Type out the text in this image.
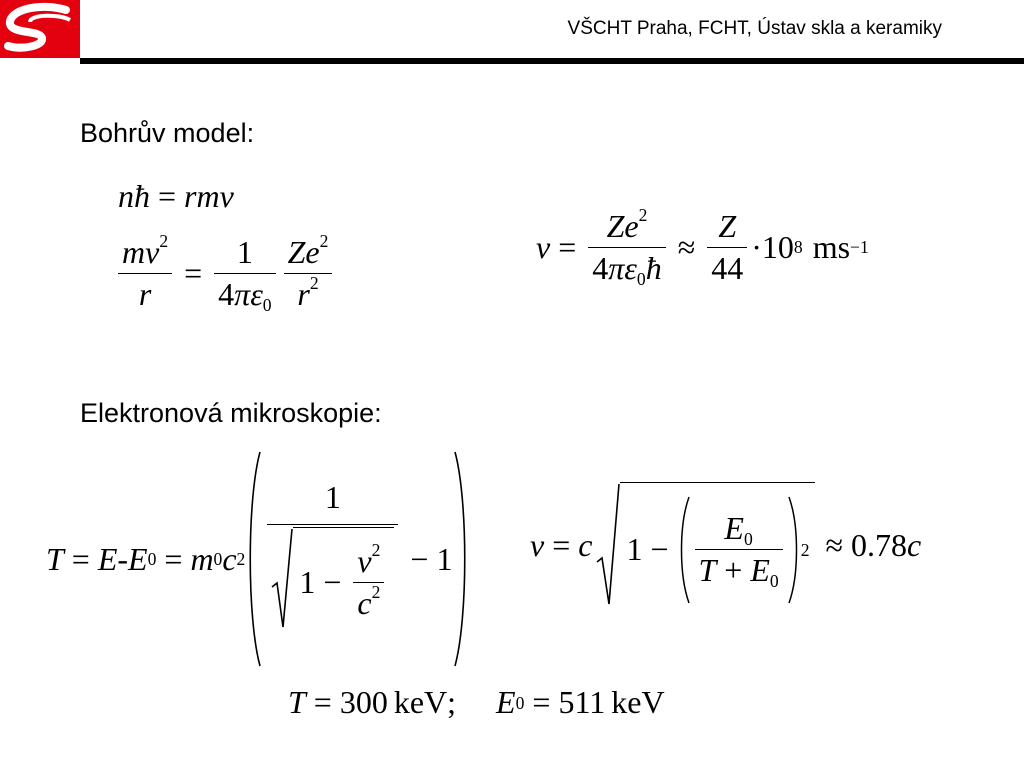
VŠCHT Praha, FCHT, Ústav skla a keramiky
Bohrův model:
n ħ = rmv
$\frac{mv^2}{r} = \frac{1}{4\pi\varepsilon_0} \frac{Ze^2}{r^2}$	$v = \frac{Ze^2}{4\pi\varepsilon_0ħ} \approx \frac{Z}{44} \cdot 10$ 8 ms −1
Elektronová mikroskopie:
T = E - E 0 = m 0 c $2 \frac{1}{1 - \frac{v^2}{c^2}} - 1$ v = c $1 - \frac{E_0}{T + E_0} 2 \approx 0.78$ c
T = 300 keV ; E 0 = 511 keV
